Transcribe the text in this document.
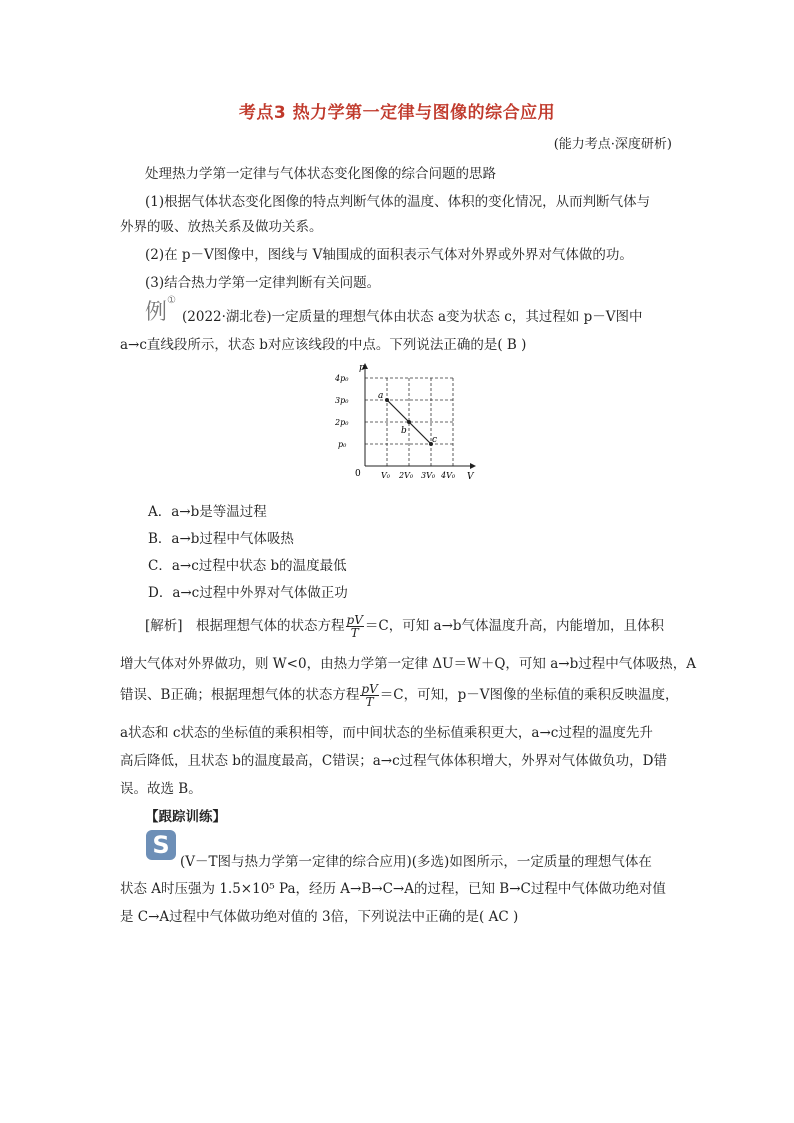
考点3 热力学第一定律与图像的综合应用
(能力考点·深度研析)
处理热力学第一定律与气体状态变化图像的综合问题的思路
(1)根据气体状态变化图像的特点判断气体的温度、体积的变化情况，从而判断气体与
外界的吸、放热关系及做功关系。
(2)在 p－V图像中，图线与 V轴围成的面积表示气体对外界或外界对气体做的功。
(3)结合热力学第一定律判断有关问题。
例①
(2022·湖北卷)一定质量的理想气体由状态 a变为状态 c，其过程如 p－V图中
a→c直线段所示，状态 b对应该线段的中点。下列说法正确的是( B )
p
V
0
p₀
2p₀
3p₀
4p₀
V₀ 2V₀ 3V₀ 4V₀
a
b
c
A．a→b是等温过程
B．a→b过程中气体吸热
C．a→c过程中状态 b的温度最低
D．a→c过程中外界对气体做正功
[解析]　根据理想气体的状态方程 $\frac{pV}{T} =C$，可知 a→b气体温度升高，内能增加，且体积
增大气体对外界做功，则 W<0，由热力学第一定律 ΔU＝W＋Q，可知 a→b过程中气体吸热，A
错误、B正确；根据理想气体的状态方程 $\frac{pV}{T} =C$，可知，p－V图像的坐标值的乘积反映温度，
a状态和 c状态的坐标值的乘积相等，而中间状态的坐标值乘积更大，a→c过程的温度先升
高后降低，且状态 b的温度最高，C错误；a→c过程气体体积增大，外界对气体做负功，D错
误。故选 B。
【跟踪训练】
S
(V－T图与热力学第一定律的综合应用)(多选)如图所示，一定质量的理想气体在
状态 A时压强为 1.5×10⁵ Pa，经历 A→B→C→A的过程，已知 B→C过程中气体做功绝对值
是 C→A过程中气体做功绝对值的 3倍，下列说法中正确的是( AC )
